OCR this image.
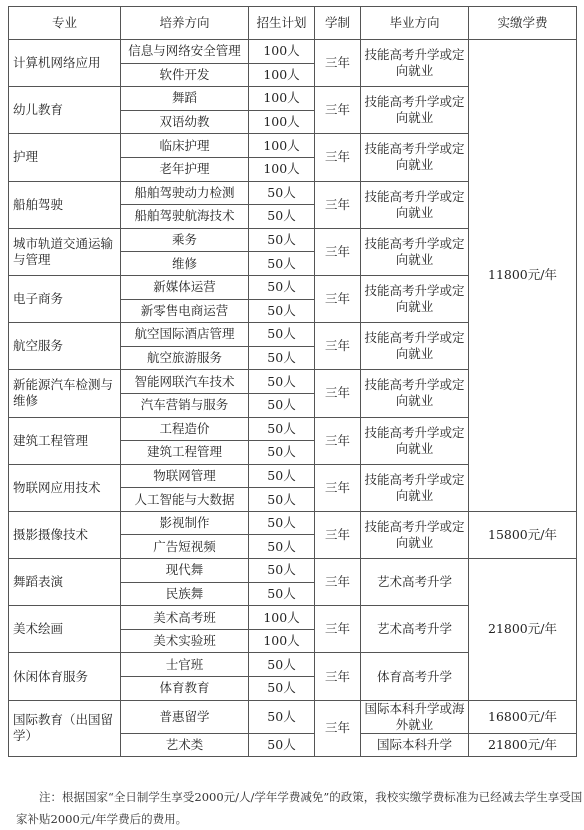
专业	培养方向	招生计划	学制	毕业方向	实缴学费
计算机网络应用	信息与网络安全管理	100人	三年	技能高考升学或定向就业	11800元/年
	软件开发	100人			
幼儿教育	舞蹈	100人	三年	技能高考升学或定向就业	
	双语幼教	100人			
护理	临床护理	100人	三年	技能高考升学或定向就业	
	老年护理	100人			
船舶驾驶	船舶驾驶动力检测	50人	三年	技能高考升学或定向就业	
	船舶驾驶航海技术	50人			
城市轨道交通运输与管理	乘务	50人	三年	技能高考升学或定向就业	
	维修	50人			
电子商务	新媒体运营	50人	三年	技能高考升学或定向就业	
	新零售电商运营	50人			
航空服务	航空国际酒店管理	50人	三年	技能高考升学或定向就业	
	航空旅游服务	50人			
新能源汽车检测与维修	智能网联汽车技术	50人	三年	技能高考升学或定向就业	
	汽车营销与服务	50人			
建筑工程管理	工程造价	50人	三年	技能高考升学或定向就业	
	建筑工程管理	50人			
物联网应用技术	物联网管理	50人	三年	技能高考升学或定向就业	
	人工智能与大数据	50人			
摄影摄像技术	影视制作	50人	三年	技能高考升学或定向就业	15800元/年
	广告短视频	50人			
舞蹈表演	现代舞	50人	三年	艺术高考升学	21800元/年
	民族舞	50人			
美术绘画	美术高考班	100人	三年	艺术高考升学	
	美术实验班	100人			
休闲体育服务	士官班	50人	三年	体育高考升学	
	体育教育	50人			
国际教育（出国留学）	普惠留学	50人	三年	国际本科升学或海外就业	16800元/年
	艺术类	50人		国际本科升学	21800元/年
注：根据国家“全日制学生享受2000元/人/学年学费减免”的政策，我校实缴学费标准为已经减去学生享受国家补贴2000元/年学费后的费用。
